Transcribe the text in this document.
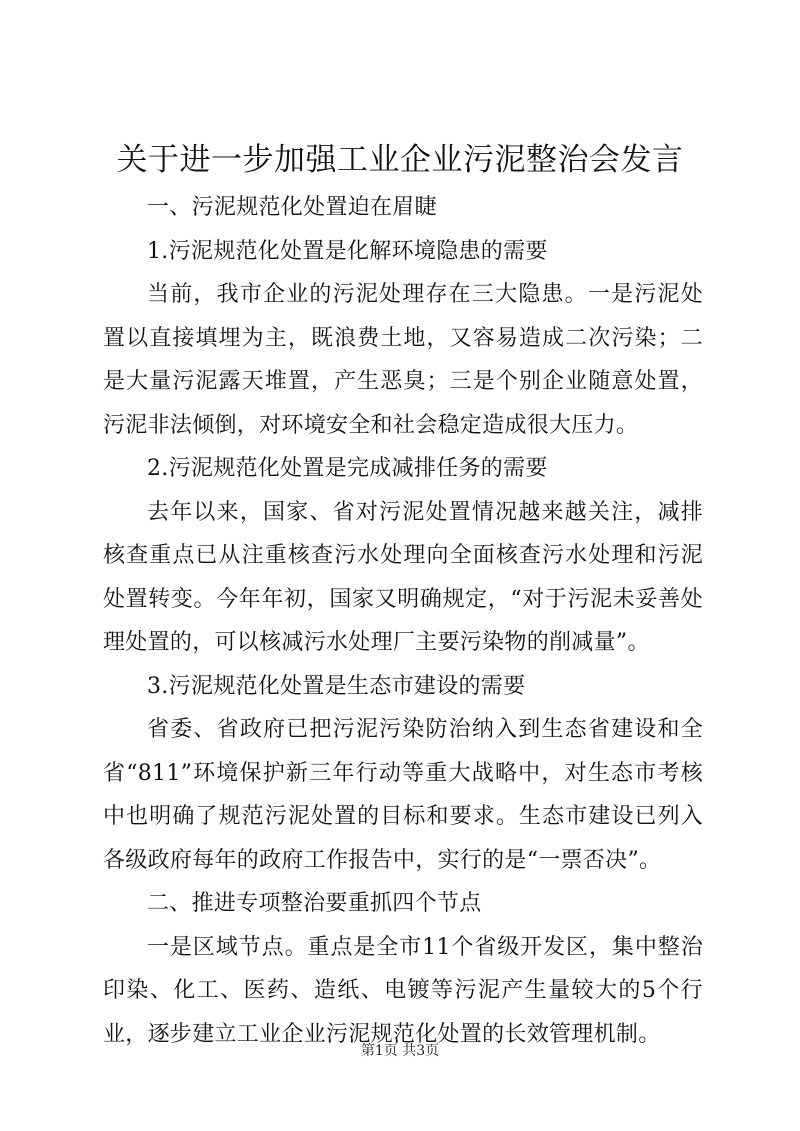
关于进一步加强工业企业污泥整治会发言

一、污泥规范化处置迫在眉睫

1.污泥规范化处置是化解环境隐患的需要

当前，我市企业的污泥处理存在三大隐患。一是污泥处置以直接填埋为主，既浪费土地，又容易造成二次污染；二是大量污泥露天堆置，产生恶臭；三是个别企业随意处置，污泥非法倾倒，对环境安全和社会稳定造成很大压力。

2.污泥规范化处置是完成减排任务的需要

去年以来，国家、省对污泥处置情况越来越关注，减排核查重点已从注重核查污水处理向全面核查污水处理和污泥处置转变。今年年初，国家又明确规定，“对于污泥未妥善处理处置的，可以核减污水处理厂主要污染物的削减量”。

3.污泥规范化处置是生态市建设的需要

省委、省政府已把污泥污染防治纳入到生态省建设和全省“811”环境保护新三年行动等重大战略中，对生态市考核中也明确了规范污泥处置的目标和要求。生态市建设已列入各级政府每年的政府工作报告中，实行的是“一票否决”。

二、推进专项整治要重抓四个节点

一是区域节点。重点是全市11个省级开发区，集中整治印染、化工、医药、造纸、电镀等污泥产生量较大的5个行业，逐步建立工业企业污泥规范化处置的长效管理机制。

第1页 共3页
